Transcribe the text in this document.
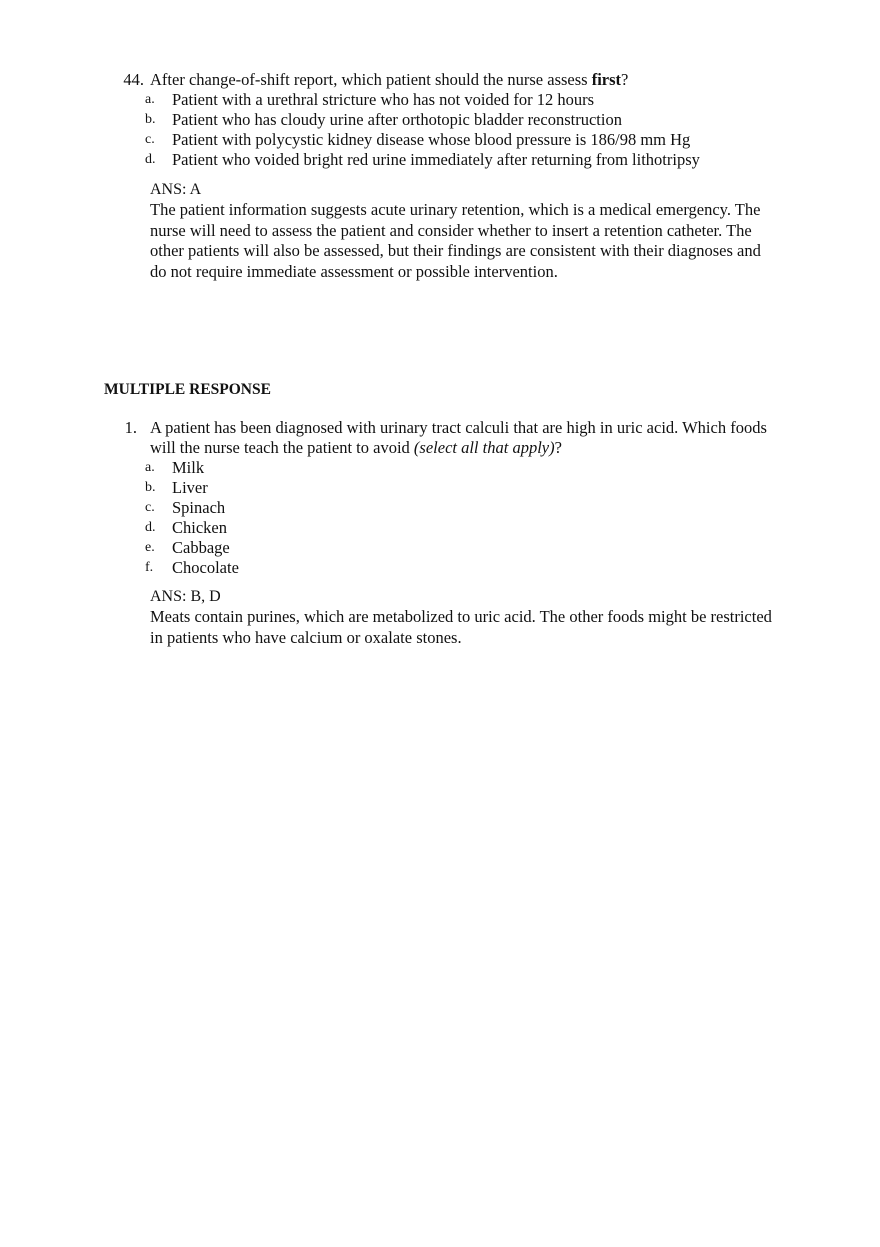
44. After change-of-shift report, which patient should the nurse assess first?
a. Patient with a urethral stricture who has not voided for 12 hours
b. Patient who has cloudy urine after orthotopic bladder reconstruction
c. Patient with polycystic kidney disease whose blood pressure is 186/98 mm Hg
d. Patient who voided bright red urine immediately after returning from lithotripsy
ANS: A
The patient information suggests acute urinary retention, which is a medical emergency. The
nurse will need to assess the patient and consider whether to insert a retention catheter. The
other patients will also be assessed, but their findings are consistent with their diagnoses and
do not require immediate assessment or possible intervention.
MULTIPLE RESPONSE
1. A patient has been diagnosed with urinary tract calculi that are high in uric acid. Which foods
will the nurse teach the patient to avoid (select all that apply)?
a. Milk
b. Liver
c. Spinach
d. Chicken
e. Cabbage
f. Chocolate
ANS: B, D
Meats contain purines, which are metabolized to uric acid. The other foods might be restricted
in patients who have calcium or oxalate stones.
